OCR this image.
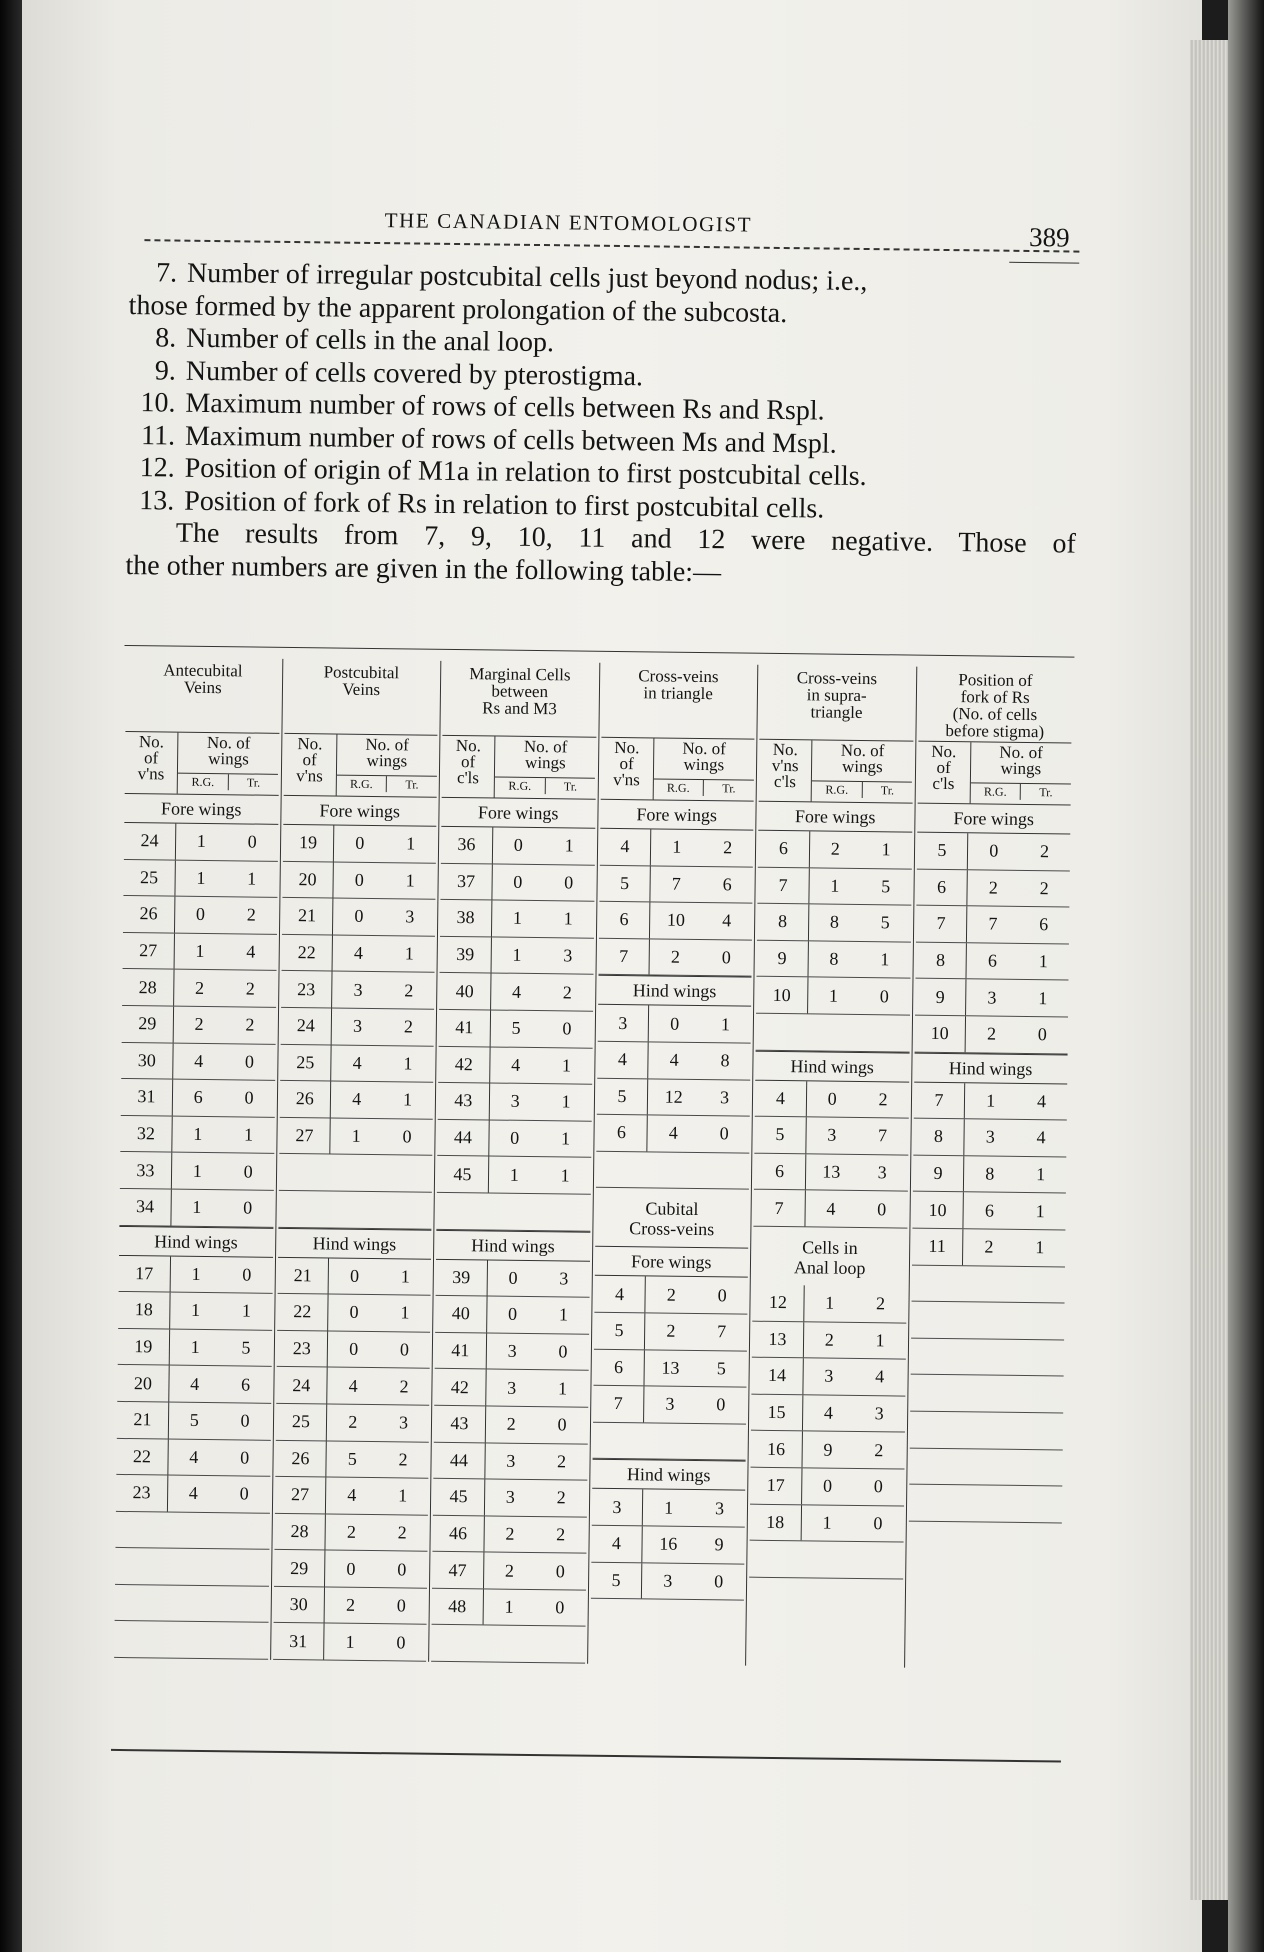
THE CANADIAN ENTOMOLOGIST	389
7. Number of irregular postcubital cells just beyond nodus; i.e.,
those formed by the apparent prolongation of the subcosta.
8. Number of cells in the anal loop.
9. Number of cells covered by pterostigma.
10. Maximum number of rows of cells between Rs and Rspl.
11. Maximum number of rows of cells between Ms and Mspl.
12. Position of origin of M1a in relation to first postcubital cells.
13. Position of fork of Rs in relation to first postcubital cells.
The results from 7, 9, 10, 11 and 12 were negative. Those of
the other numbers are given in the following table:—
Antecubital
Veins
No.
of
v'ns
No. of
wings
R.G.	Tr.
Fore wings
24	1	0
25	1	1
26	0	2
27	1	4
28	2	2
29	2	2
30	4	0
31	6	0
32	1	1
33	1	0
34	1	0
Hind wings
17	1	0
18	1	1
19	1	5
20	4	6
21	5	0
22	4	0
23	4	0
Postcubital
Veins
No.
of
v'ns
No. of
wings
R.G.	Tr.
Fore wings
19	0	1
20	0	1
21	0	3
22	4	1
23	3	2
24	3	2
25	4	1
26	4	1
27	1	0
Hind wings
21	0	1
22	0	1
23	0	0
24	4	2
25	2	3
26	5	2
27	4	1
28	2	2
29	0	0
30	2	0
31	1	0
Marginal Cells
between
Rs and M3
No.
of
c'ls
No. of
wings
R.G.	Tr.
Fore wings
36	0	1
37	0	0
38	1	1
39	1	3
40	4	2
41	5	0
42	4	1
43	3	1
44	0	1
45	1	1
Hind wings
39	0	3
40	0	1
41	3	0
42	3	1
43	2	0
44	3	2
45	3	2
46	2	2
47	2	0
48	1	0
Cross-veins
in triangle
No.
of
v'ns
No. of
wings
R.G.	Tr.
Fore wings
4	1	2
5	7	6
6	10	4
7	2	0
Hind wings
3	0	1
4	4	8
5	12	3
6	4	0
Cubital
Cross-veins
Fore wings
4	2	0
5	2	7
6	13	5
7	3	0
Hind wings
3	1	3
4	16	9
5	3	0
Cross-veins
in supra-
triangle
No.
v'ns
c'ls
No. of
wings
R.G.	Tr.
Fore wings
6	2	1
7	1	5
8	8	5
9	8	1
10	1	0
Hind wings
4	0	2
5	3	7
6	13	3
7	4	0
Cells in
Anal loop
12	1	2
13	2	1
14	3	4
15	4	3
16	9	2
17	0	0
18	1	0
Position of
fork of Rs
(No. of cells
before stigma)
No.
of
c'ls
No. of
wings
R.G.	Tr.
Fore wings
5	0	2
6	2	2
7	7	6
8	6	1
9	3	1
10	2	0
Hind wings
7	1	4
8	3	4
9	8	1
10	6	1
11	2	1
